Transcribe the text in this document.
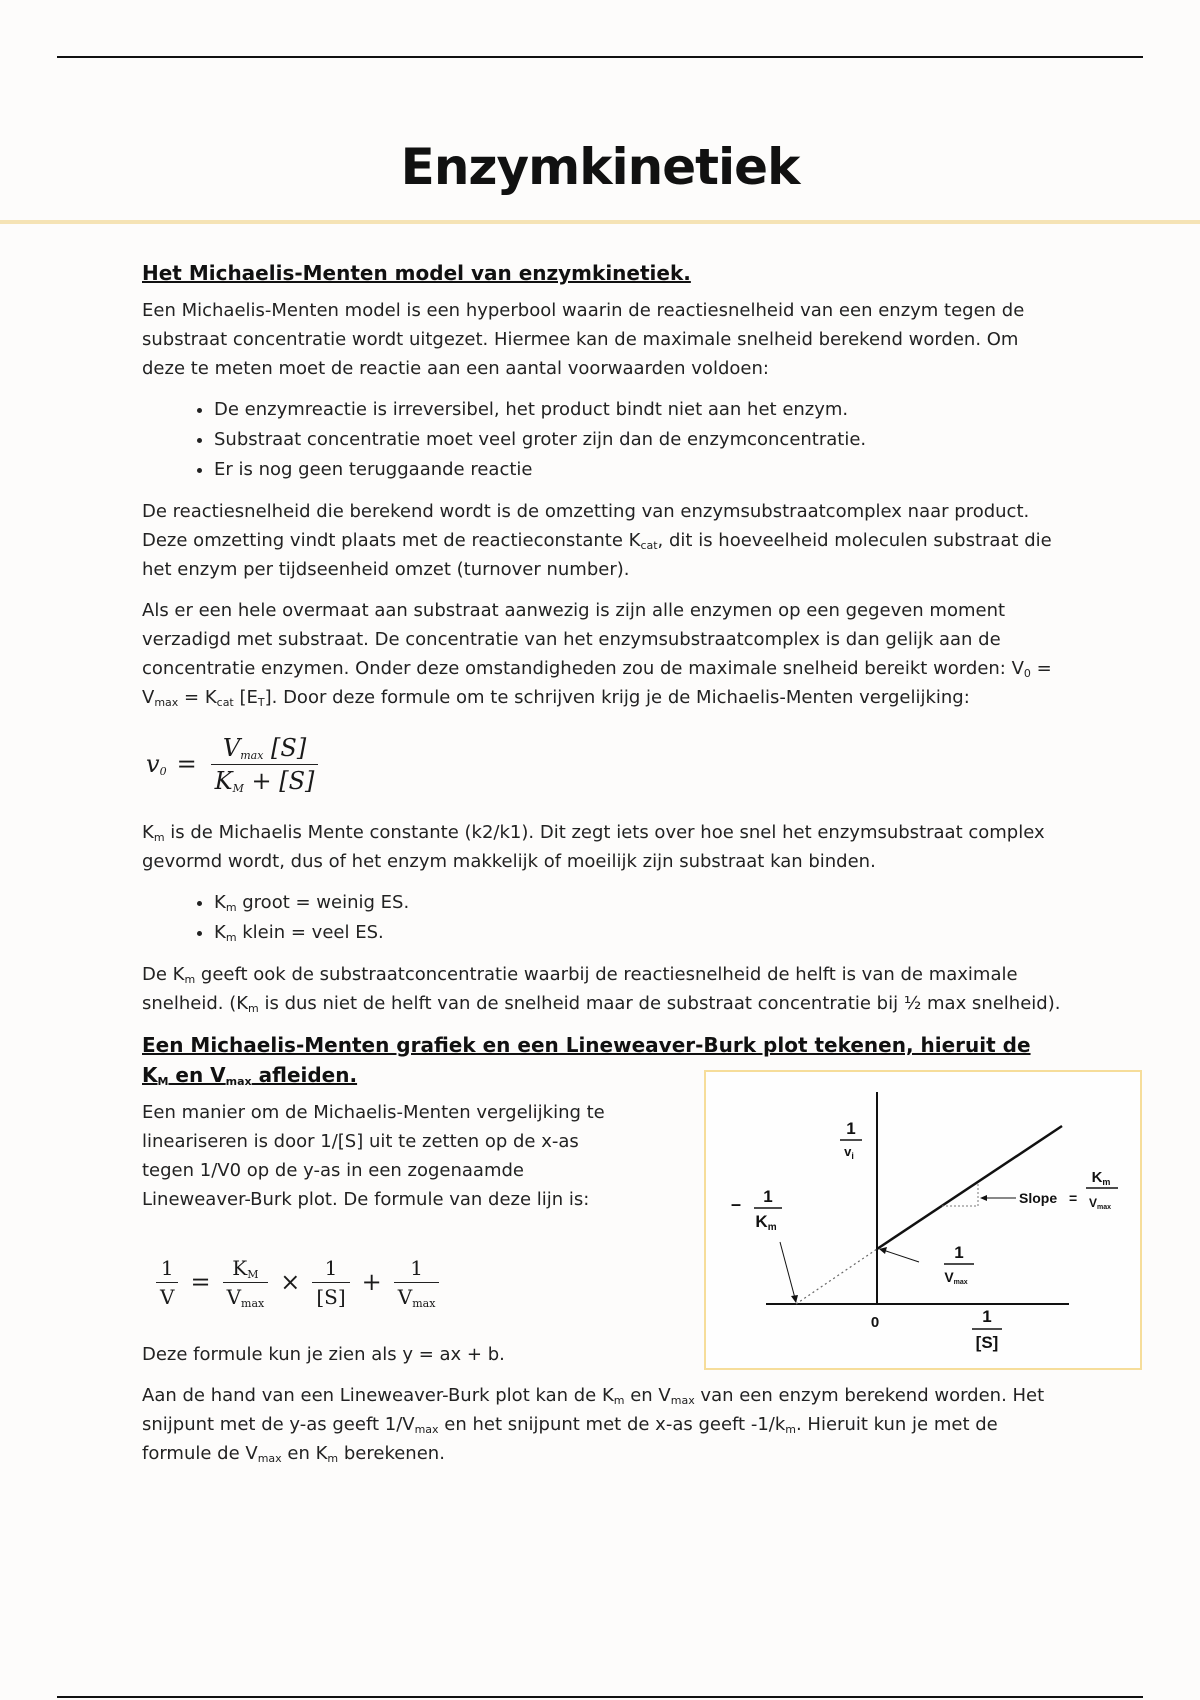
Enzymkinetiek
Het Michaelis-Menten model van enzymkinetiek.

Een Michaelis-Menten model is een hyperbool waarin de reactiesnelheid van een enzym tegen de substraat concentratie wordt uitgezet. Hiermee kan de maximale snelheid berekend worden. Om deze te meten moet de reactie aan een aantal voorwaarden voldoen:

• De enzymreactie is irreversibel, het product bindt niet aan het enzym.
• Substraat concentratie moet veel groter zijn dan de enzymconcentratie.
• Er is nog geen teruggaande reactie

De reactiesnelheid die berekend wordt is de omzetting van enzymsubstraatcomplex naar product. Deze omzetting vindt plaats met de reactieconstante $K_{cat}$, dit is hoeveelheid moleculen substraat die het enzym per tijdseenheid omzet (turnover number).

Als er een hele overmaat aan substraat aanwezig is zijn alle enzymen op een gegeven moment verzadigd met substraat. De concentratie van het enzymsubstraatcomplex is dan gelijk aan de concentratie enzymen. Onder deze omstandigheden zou de maximale snelheid bereikt worden: $V_0 = V_{max} = K_{cat}$ $[E_T]$. Door deze formule om te schrijven krijg je de Michaelis-Menten vergelijking:

$v_0 = \frac{V_{max} [S]}{K_M + [S]}$

$K_m$ is de Michaelis Mente constante (k2/k1). Dit zegt iets over hoe snel het enzymsubstraat complex gevormd wordt, dus of het enzym makkelijk of moeilijk zijn substraat kan binden.

• $K_m$ groot = weinig ES.
• $K_m$ klein = veel ES.

De $K_m$ geeft ook de substraatconcentratie waarbij de reactiesnelheid de helft is van de maximale snelheid. ($K_m$ is dus niet de helft van de snelheid maar de substraat concentratie bij ½ max snelheid).

Een Michaelis-Menten grafiek en een Lineweaver-Burk plot tekenen, hieruit de $K_M$ en $V_{max}$ afleiden.

Een manier om de Michaelis-Menten vergelijking te lineariseren is door 1/[S] uit te zetten op de x-as tegen 1/V0 op de y-as in een zogenaamde Lineweaver-Burk plot. De formule van deze lijn is:

$\frac{1}{V} = \frac{K_M}{V_{max}} \times \frac{1}{[S]} + \frac{1}{V_{max}}$

Deze formule kun je zien als y = ax + b.

1
$v_i$
– 1
Km
1
Vmax
Slope =
$K_m$
Vmax
0	1
[S]

Aan de hand van een Lineweaver-Burk plot kan de $K_m$ en $V_{max}$ van een enzym berekend worden. Het snijpunt met de y-as geeft $1/V_{max}$ en het snijpunt met de x-as geeft $-1/k_m$. Hieruit kun je met de formule de $V_{max}$ en $K_m$ berekenen.
